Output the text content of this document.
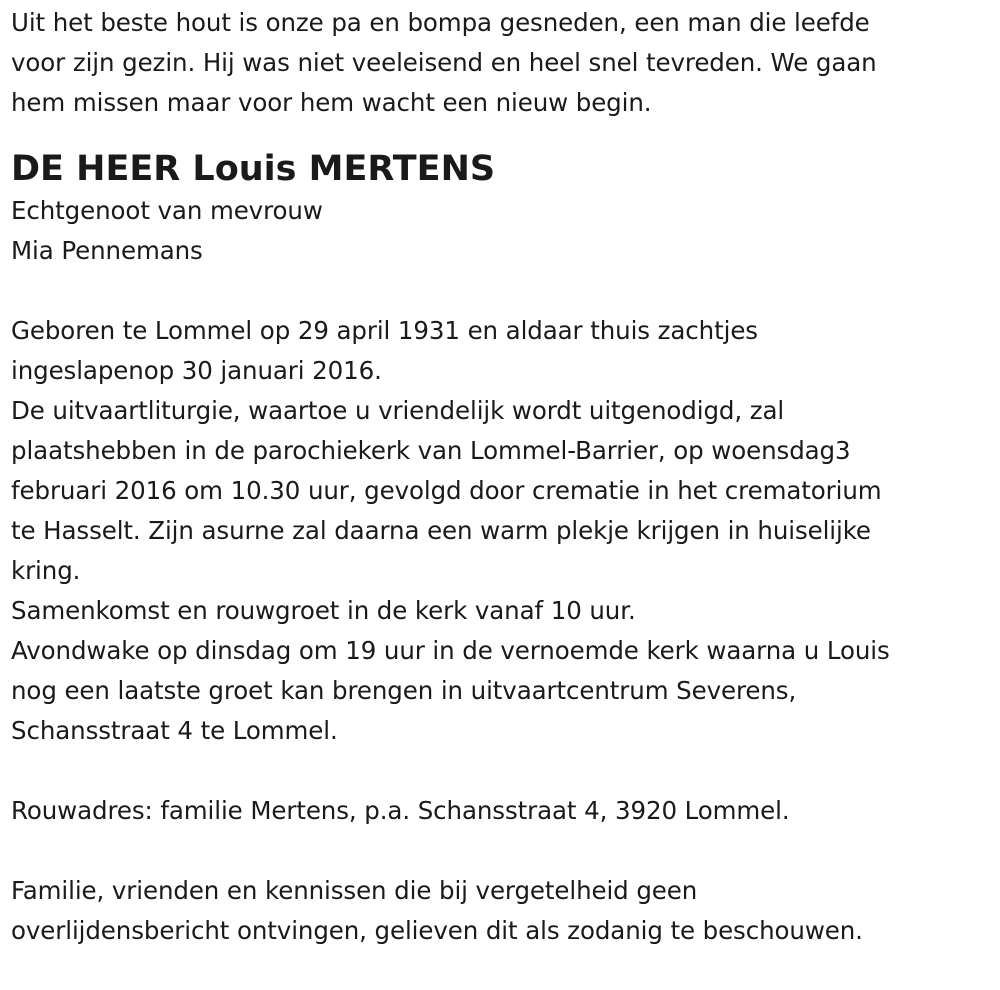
Uit het beste hout is onze pa en bompa gesneden, een man die leefde
voor zijn gezin. Hij was niet veeleisend en heel snel tevreden. We gaan
hem missen maar voor hem wacht een nieuw begin.

DE HEER Louis MERTENS

Echtgenoot van mevrouw
Mia Pennemans

Geboren te Lommel op 29 april 1931 en aldaar thuis zachtjes
ingeslapenop 30 januari 2016.
De uitvaartliturgie, waartoe u vriendelijk wordt uitgenodigd, zal
plaatshebben in de parochiekerk van Lommel-Barrier, op woensdag3
februari 2016 om 10.30 uur, gevolgd door crematie in het crematorium
te Hasselt. Zijn asurne zal daarna een warm plekje krijgen in huiselijke
kring.
Samenkomst en rouwgroet in de kerk vanaf 10 uur.
Avondwake op dinsdag om 19 uur in de vernoemde kerk waarna u Louis
nog een laatste groet kan brengen in uitvaartcentrum Severens,
Schansstraat 4 te Lommel.

Rouwadres: familie Mertens, p.a. Schansstraat 4, 3920 Lommel.

Familie, vrienden en kennissen die bij vergetelheid geen
overlijdensbericht ontvingen, gelieven dit als zodanig te beschouwen.
